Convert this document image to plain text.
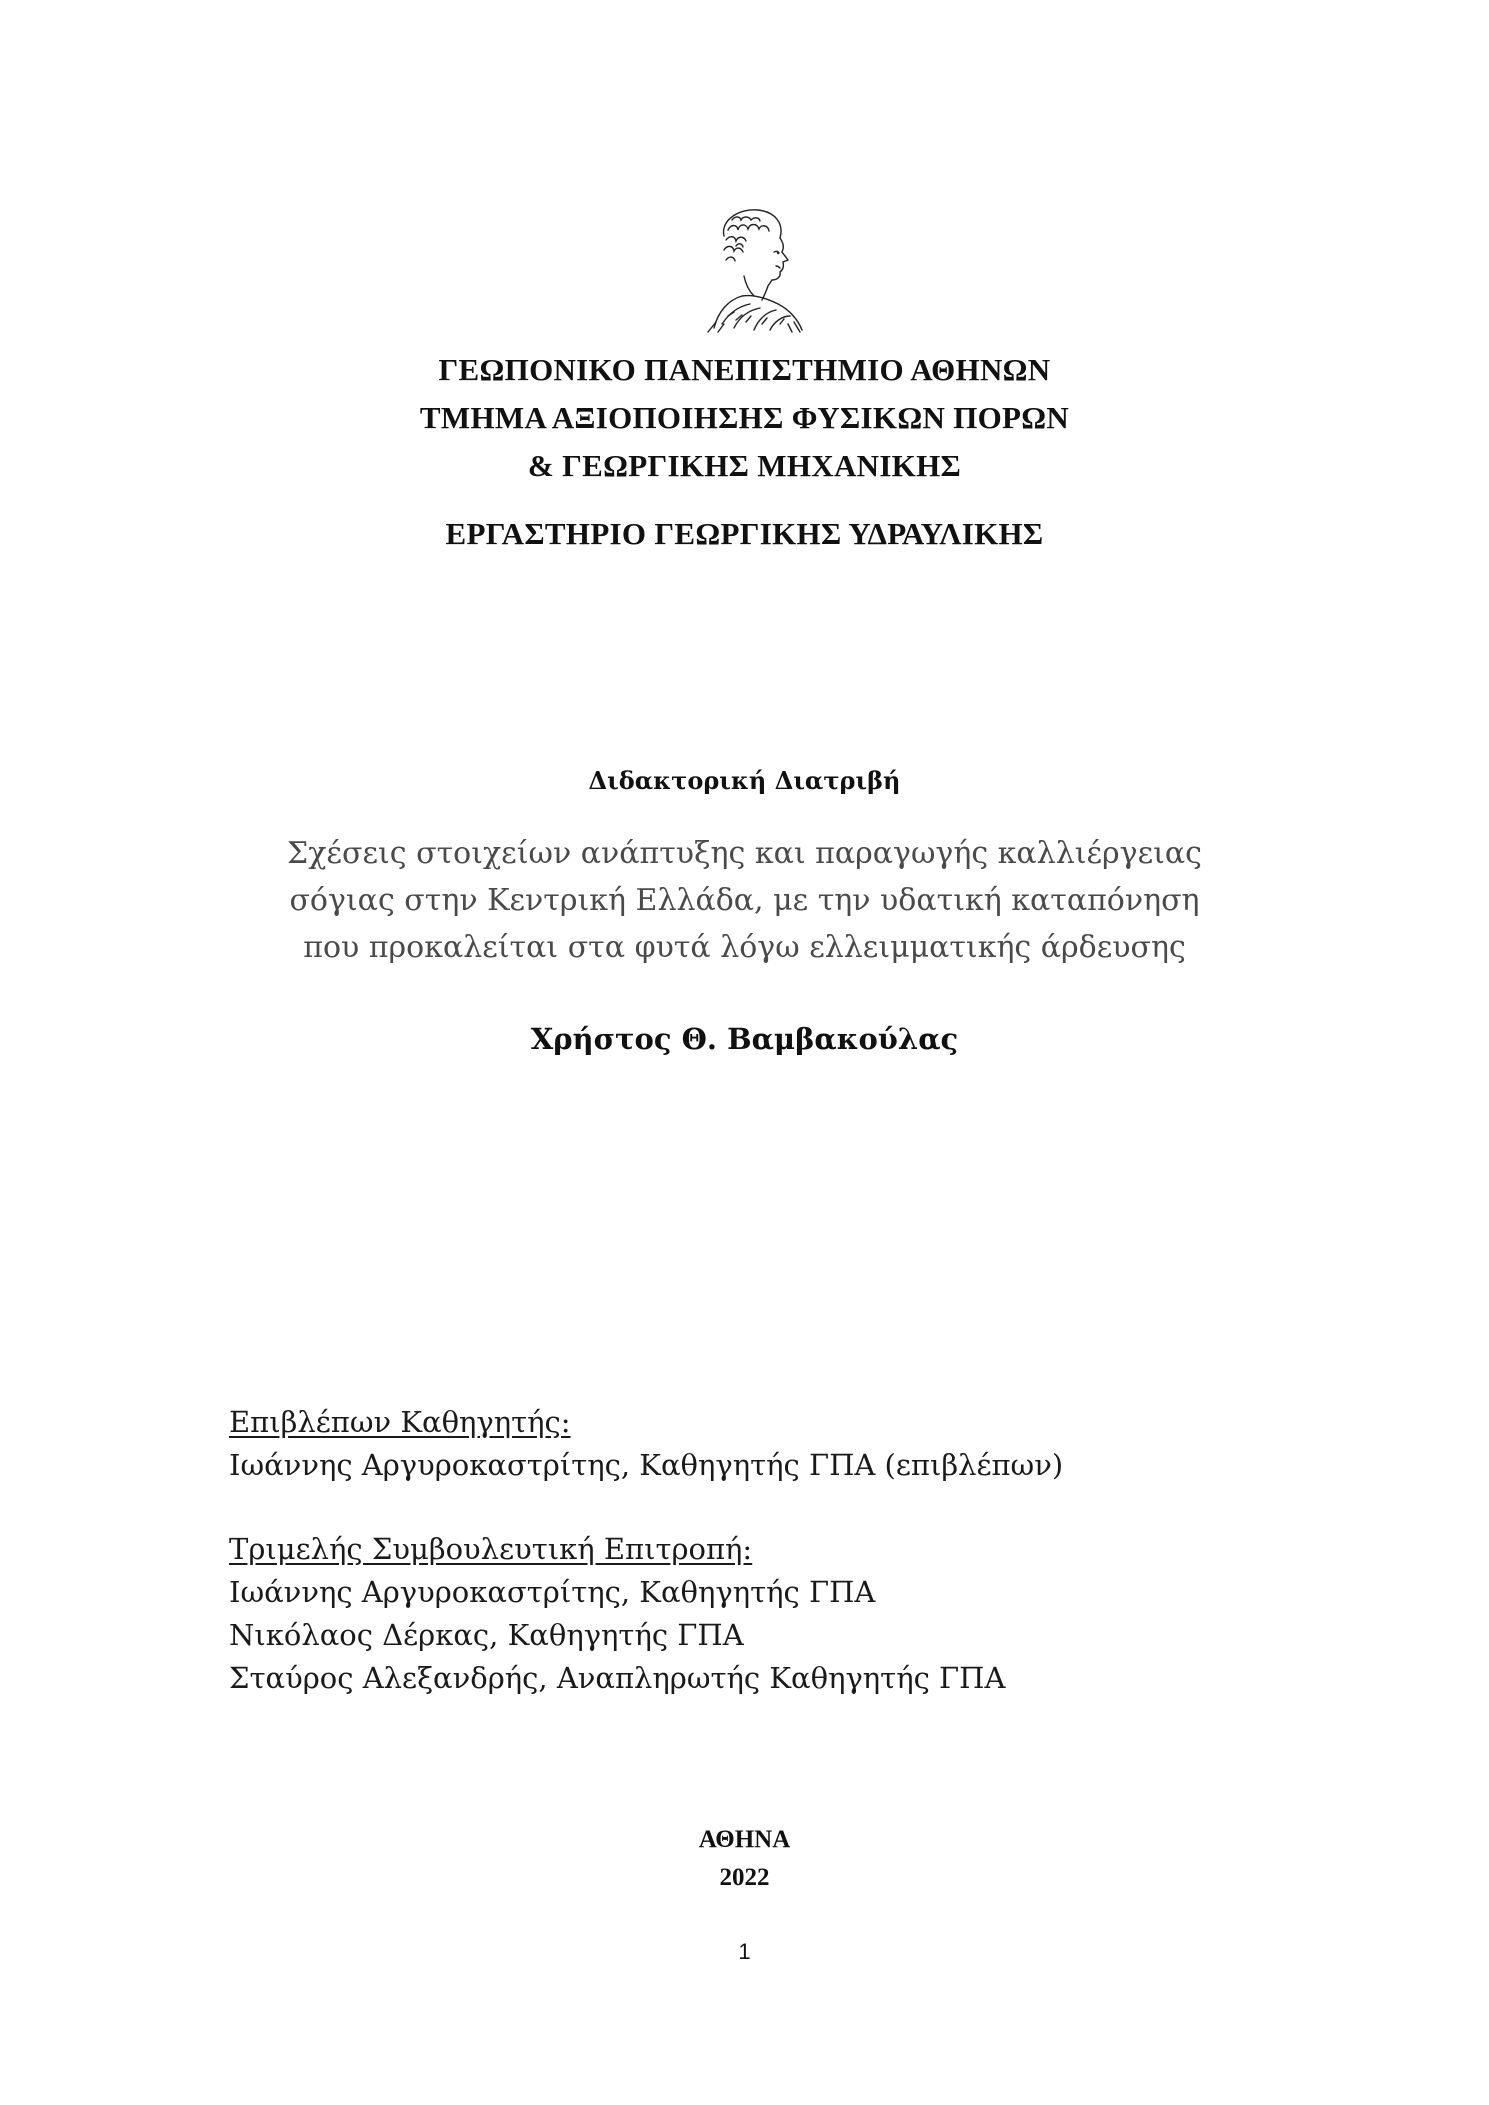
ΓΕΩΠΟΝΙΚΟ ΠΑΝΕΠΙΣΤΗΜΙΟ ΑΘΗΝΩΝ
ΤΜΗΜΑ ΑΞΙΟΠΟΙΗΣΗΣ ΦΥΣΙΚΩΝ ΠΟΡΩΝ
& ΓΕΩΡΓΙΚΗΣ ΜΗΧΑΝΙΚΗΣ
ΕΡΓΑΣΤΗΡΙΟ ΓΕΩΡΓΙΚΗΣ ΥΔΡΑΥΛΙΚΗΣ
Διδακτορική Διατριβή
Σχέσεις στοιχείων ανάπτυξης και παραγωγής καλλιέργειας
σόγιας στην Κεντρική Ελλάδα, με την υδατική καταπόνηση
που προκαλείται στα φυτά λόγω ελλειμματικής άρδευσης
Χρήστος Θ. Βαμβακούλας
Επιβλέπων Καθηγητής:
Ιωάννης Αργυροκαστρίτης, Καθηγητής ΓΠΑ (επιβλέπων)
Τριμελής Συμβουλευτική Επιτροπή:
Ιωάννης Αργυροκαστρίτης, Καθηγητής ΓΠΑ
Νικόλαος Δέρκας, Καθηγητής ΓΠΑ
Σταύρος Αλεξανδρής, Αναπληρωτής Καθηγητής ΓΠΑ
ΑΘΗΝΑ
2022
1
